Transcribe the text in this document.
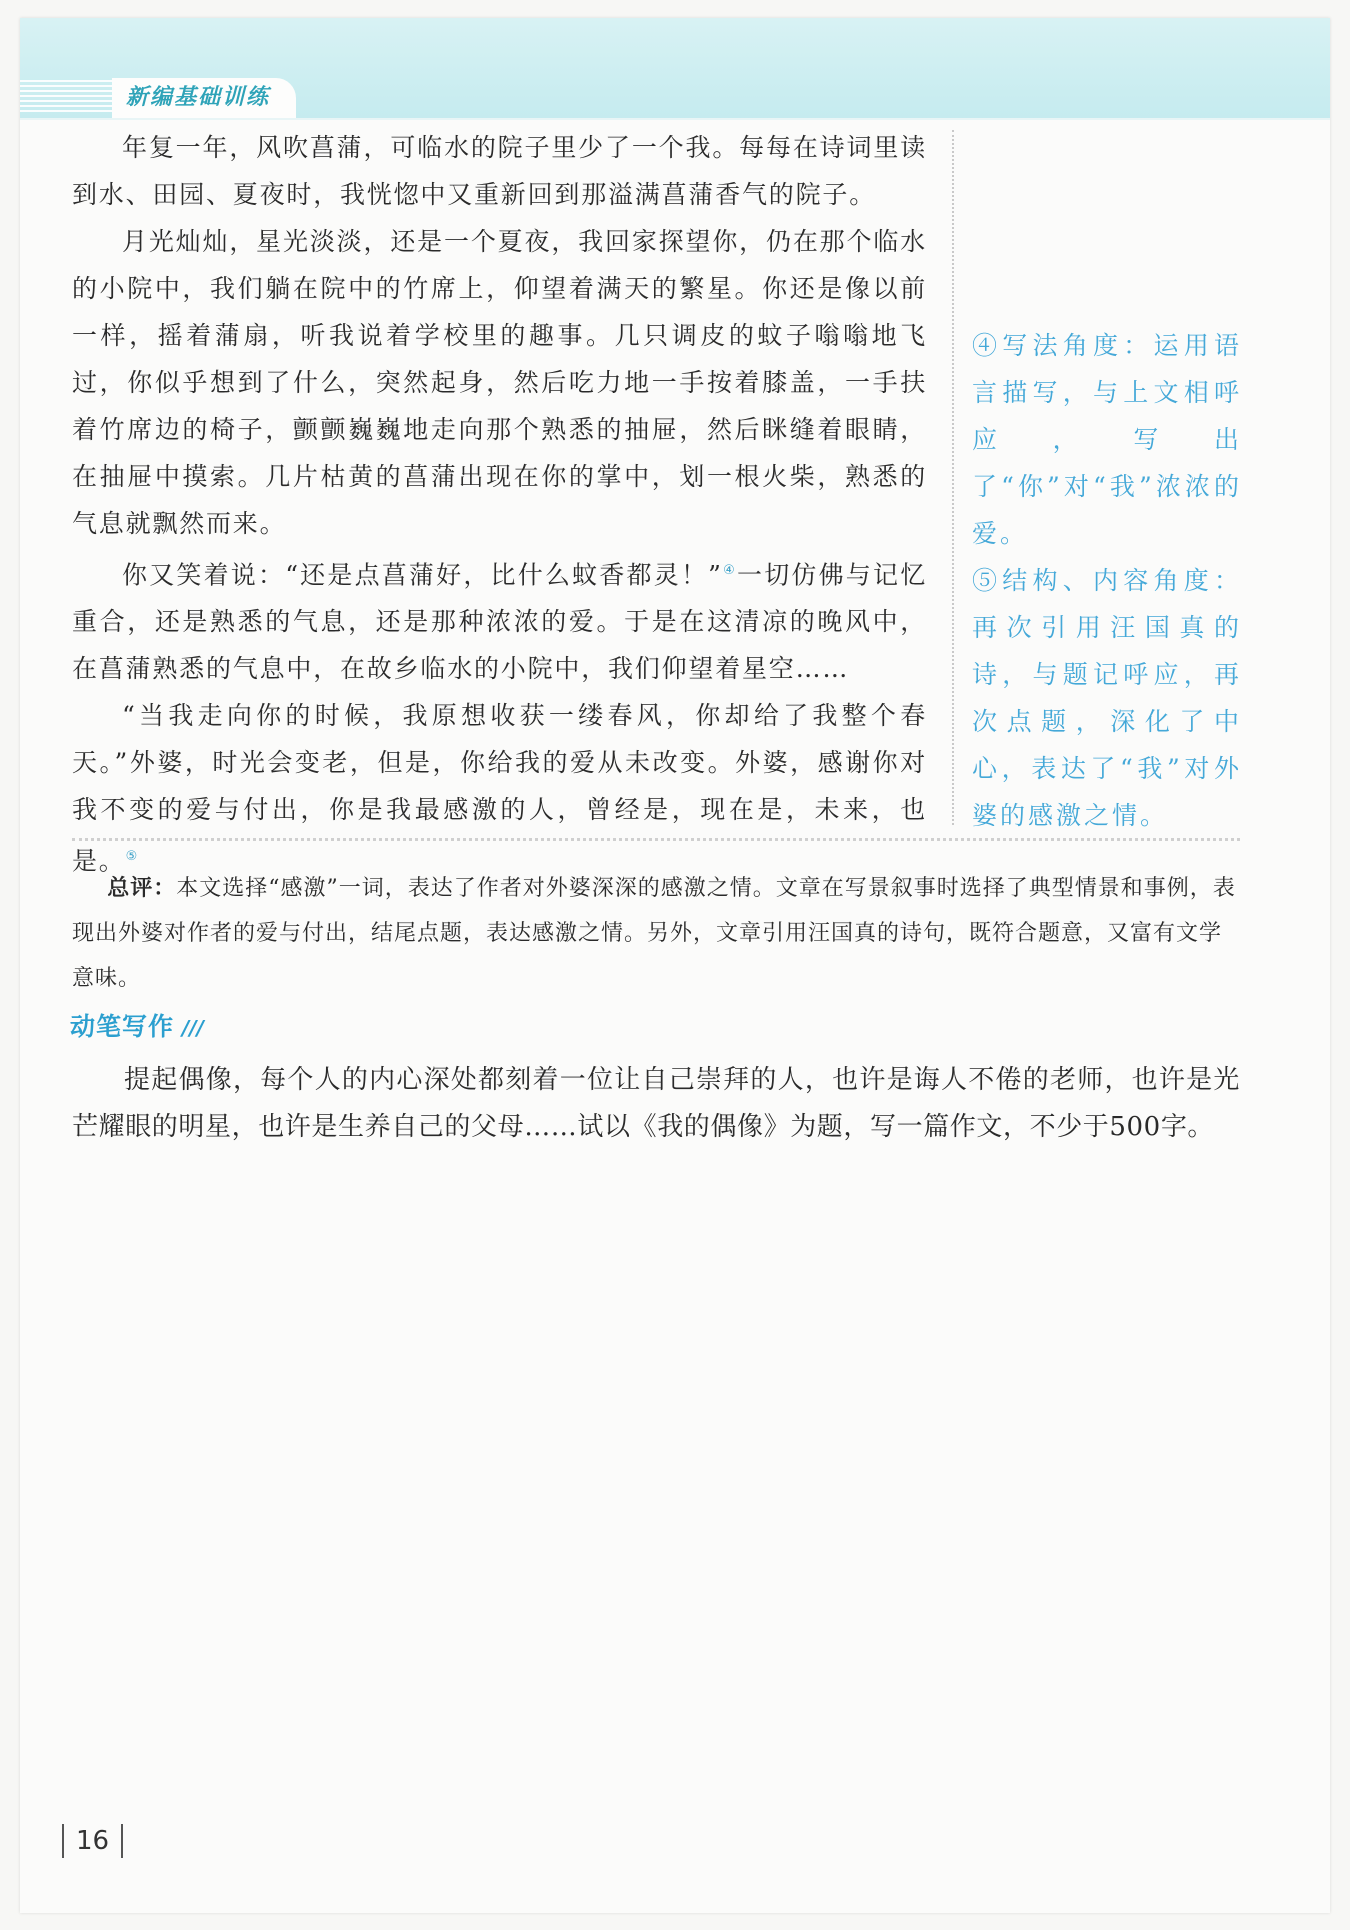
新编基础训练

年复一年，风吹菖蒲，可临水的院子里少了一个我。每每在诗词里读到水、田园、夏夜时，我恍惚中又重新回到那溢满菖蒲香气的院子。

月光灿灿，星光淡淡，还是一个夏夜，我回家探望你，仍在那个临水的小院中，我们躺在院中的竹席上，仰望着满天的繁星。你还是像以前一样，摇着蒲扇，听我说着学校里的趣事。几只调皮的蚊子嗡嗡地飞过，你似乎想到了什么，突然起身，然后吃力地一手按着膝盖，一手扶着竹席边的椅子，颤颤巍巍地走向那个熟悉的抽屉，然后眯缝着眼睛，在抽屉中摸索。几片枯黄的菖蒲出现在你的掌中，划一根火柴，熟悉的气息就飘然而来。

你又笑着说：“还是点菖蒲好，比什么蚊香都灵！”④一切仿佛与记忆重合，还是熟悉的气息，还是那种浓浓的爱。于是在这清凉的晚风中，在菖蒲熟悉的气息中，在故乡临水的小院中，我们仰望着星空……

“当我走向你的时候，我原想收获一缕春风，你却给了我整个春天。”外婆，时光会变老，但是，你给我的爱从未改变。外婆，感谢你对我不变的爱与付出，你是我最感激的人，曾经是，现在是，未来，也是。⑤

④写法角度：运用语言描写，与上文相呼应，写出了“你”对“我”浓浓的爱。

⑤结构、内容角度：再次引用汪国真的诗，与题记呼应，再次点题，深化了中心，表达了“我”对外婆的感激之情。

总评：本文选择“感激”一词，表达了作者对外婆深深的感激之情。文章在写景叙事时选择了典型情景和事例，表现出外婆对作者的爱与付出，结尾点题，表达感激之情。另外，文章引用汪国真的诗句，既符合题意，又富有文学意味。
动笔写作 ///
提起偶像，每个人的内心深处都刻着一位让自己崇拜的人，也许是诲人不倦的老师，也许是光芒耀眼的明星，也许是生养自己的父母……试以《我的偶像》为题，写一篇作文，不少于500字。
16
